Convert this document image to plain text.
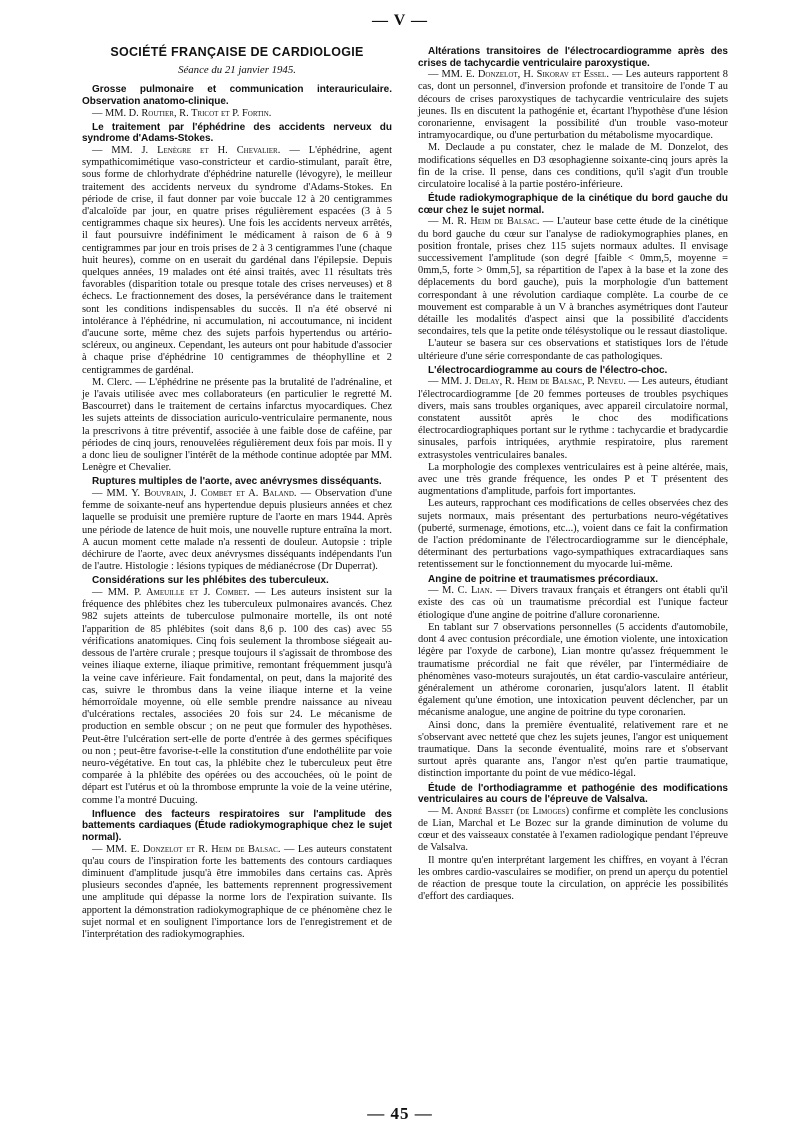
— V —
SOCIÉTÉ FRANÇAISE DE CARDIOLOGIE
Séance du 21 janvier 1945.
Grosse pulmonaire et communication interauriculaire. Observation anatomo-clinique.

— MM. D. Routier, R. Tricot et P. Fortin.

Le traitement par l'éphédrine des accidents nerveux du syndrome d'Adams-Stokes.

— MM. J. Lenègre et H. Chevalier. — L'éphédrine, agent sympathicomimétique vaso-constricteur et cardio-stimulant, paraît être, sous forme de chlorhydrate d'éphédrine naturelle (lévogyre), le meilleur traitement des accidents nerveux du syndrome d'Adams-Stokes. En période de crise, il faut donner par voie buccale 12 à 20 centigrammes d'alcaloïde par jour, en quatre prises régulièrement espacées (3 à 5 centigrammes chaque six heures). Une fois les accidents nerveux arrêtés, il faut poursuivre indéfiniment le médicament à raison de 6 à 9 centigrammes par jour en trois prises de 2 à 3 centigrammes l'une (chaque huit heures), comme on en userait du gardénal dans l'épilepsie. Depuis quelques années, 19 malades ont été ainsi traités, avec 11 résultats très favorables (disparition totale ou presque totale des crises nerveuses) et 8 échecs. Le fractionnement des doses, la persévérance dans le traitement sont les conditions indispensables du succès. Il n'a été observé ni intolérance à l'éphédrine, ni accumulation, ni accoutumance, ni incident d'aucune sorte, même chez des sujets parfois hypertendus ou artério-scléreux, ou angineux. Cependant, les auteurs ont pour habitude d'associer à chaque prise d'éphédrine 10 centigrammes de théophylline et 2 centigrammes de gardénal.

M. Clerc. — L'éphédrine ne présente pas la brutalité de l'adrénaline, et je l'avais utilisée avec mes collaborateurs (en particulier le regretté M. Bascourret) dans le traitement de certains infarctus myocardiques. Chez les sujets atteints de dissociation auriculo-ventriculaire permanente, nous la prescrivons à titre préventif, associée à une faible dose de caféine, par périodes de cinq jours, renouvelées régulièrement deux fois par mois. Il y a donc lieu de souligner l'intérêt de la méthode continue adoptée par MM. Lenègre et Chevalier.

Ruptures multiples de l'aorte, avec anévrysmes disséquants.

— MM. Y. Bouvrain, J. Combet et A. Baland. — Observation d'une femme de soixante-neuf ans hypertendue depuis plusieurs années et chez laquelle se produisit une première rupture de l'aorte en mars 1944. Après une période de latence de huit mois, une nouvelle rupture entraîna la mort. A aucun moment cette malade n'a ressenti de douleur. Autopsie : triple déchirure de l'aorte, avec deux anévrysmes disséquants indépendants l'un de l'autre. Histologie : lésions typiques de médianécrose (Dr Duperrat).

Considérations sur les phlébites des tuberculeux.

— MM. P. Ameuille et J. Combet. — Les auteurs insistent sur la fréquence des phlébites chez les tuberculeux pulmonaires avancés. Chez 982 sujets atteints de tuberculose pulmonaire mortelle, ils ont noté l'apparition de 85 phlébites (soit dans 8,6 p. 100 des cas) avec 55 vérifications anatomiques. Cinq fois seulement la thrombose siégeait au-dessous de l'artère crurale ; presque toujours il s'agissait de thrombose des veines iliaque externe, iliaque primitive, remontant fréquemment jusqu'à la veine cave inférieure. Fait fondamental, on peut, dans la majorité des cas, suivre le thrombus dans la veine iliaque interne et la veine hémorroïdale moyenne, où elle semble prendre naissance au niveau d'ulcérations rectales, associées 20 fois sur 24. Le mécanisme de production en semble obscur ; on ne peut que formuler des hypothèses. Peut-être l'ulcération sert-elle de porte d'entrée à des germes spécifiques ou non ; peut-être favorise-t-elle la constitution d'une endothéliite par voie neuro-végétative. En tout cas, la phlébite chez le tuberculeux peut être comparée à la phlébite des opérées ou des accouchées, où le point de départ est l'utérus et où la thrombose emprunte la voie de la veine utérine, comme l'a montré Ducuing.

Influence des facteurs respiratoires sur l'amplitude des battements cardiaques (Étude radiokymographique chez le sujet normal).

— MM. E. Donzelot et R. Heim de Balsac. — Les auteurs constatent qu'au cours de l'inspiration forte les battements des contours cardiaques diminuent d'amplitude jusqu'à être immobiles dans certains cas. Après plusieurs secondes d'apnée, les battements reprennent progressivement une amplitude qui dépasse la norme lors de l'expiration suivante. Ils apportent la démonstration radiokymographique de ce phénomène chez le sujet normal et en soulignent l'importance lors de l'enregistrement et de l'interprétation des radiokymographies.

Altérations transitoires de l'électrocardiogramme après des crises de tachycardie ventriculaire paroxystique.

— MM. E. Donzelot, H. Sikorav et Essel. — Les auteurs rapportent 8 cas, dont un personnel, d'inversion profonde et transitoire de l'onde T au décours de crises paroxystiques de tachycardie ventriculaire des sujets jeunes. Ils en discutent la pathogénie et, écartant l'hypothèse d'une lésion coronarienne, envisagent la possibilité d'un trouble vaso-moteur intramyocardique, ou d'une perturbation du métabolisme myocardique.

M. Declaude a pu constater, chez le malade de M. Donzelot, des modifications séquelles en D3 œsophagienne soixante-cinq jours après la fin de la crise. Il pense, dans ces conditions, qu'il s'agit d'un trouble circulatoire localisé à la partie postéro-inférieure.

Étude radiokymographique de la cinétique du bord gauche du cœur chez le sujet normal.

— M. R. Heim de Balsac. — L'auteur base cette étude de la cinétique du bord gauche du cœur sur l'analyse de radiokymographies planes, en position frontale, prises chez 115 sujets normaux adultes. Il envisage successivement l'amplitude (son degré [faible < 0mm,5, moyenne = 0mm,5, forte > 0mm,5], sa répartition de l'apex à la base et la zone des déplacements du bord gauche), puis la morphologie d'un battement correspondant à une révolution cardiaque complète. La courbe de ce mouvement est comparable à un V à branches asymétriques dont l'auteur détaille les modalités d'aspect ainsi que la possibilité d'accidents secondaires, tels que la petite onde télésystolique ou le ressaut diastolique.

L'auteur se basera sur ces observations et statistiques lors de l'étude ultérieure d'une série correspondante de cas pathologiques.

L'électrocardiogramme au cours de l'électro-choc.

— MM. J. Delay, R. Heim de Balsac, P. Neveu. — Les auteurs, étudiant l'électrocardiogramme [de 20 femmes porteuses de troubles psychiques divers, mais sans troubles organiques, avec appareil circulatoire normal, constatent aussitôt après le choc des modifications électrocardiographiques portant sur le rythme : tachycardie et bradycardie sinusales, parfois intriquées, arythmie respiratoire, plus rarement extrasystoles ventriculaires banales.

La morphologie des complexes ventriculaires est à peine altérée, mais, avec une très grande fréquence, les ondes P et T présentent des augmentations d'amplitude, parfois fort importantes.

Les auteurs, rapprochant ces modifications de celles observées chez des sujets normaux, mais présentant des perturbations neuro-végétatives (puberté, surmenage, émotions, etc...), voient dans ce fait la confirmation de l'action prédominante de l'électrocardiogramme sur le diencéphale, déterminant des perturbations vago-sympathiques extracardiaques sans retentissement sur le fonctionnement du myocarde lui-même.

Angine de poitrine et traumatismes précordiaux.

— M. C. Lian. — Divers travaux français et étrangers ont établi qu'il existe des cas où un traumatisme précordial est l'unique facteur étiologique d'une angine de poitrine d'allure coronarienne.

En tablant sur 7 observations personnelles (5 accidents d'automobile, dont 4 avec contusion précordiale, une émotion violente, une intoxication légère par l'oxyde de carbone), Lian montre qu'assez fréquemment le traumatisme précordial ne fait que révéler, par l'intermédiaire de phénomènes vaso-moteurs surajoutés, un état cardio-vasculaire antérieur, généralement un athérome coronarien, jusqu'alors latent. Il établit également qu'une émotion, une intoxication peuvent déclencher, par un mécanisme analogue, une angine de poitrine du type coronarien.

Ainsi donc, dans la première éventualité, relativement rare et ne s'observant avec netteté que chez les sujets jeunes, l'angor est uniquement traumatique. Dans la seconde éventualité, moins rare et s'observant surtout après quarante ans, l'angor n'est qu'en partie traumatique, distinction importante du point de vue médico-légal.

Étude de l'orthodiagramme et pathogénie des modifications ventriculaires au cours de l'épreuve de Valsalva.

— M. André Basset (de Limoges) confirme et complète les conclusions de Lian, Marchal et Le Bozec sur la grande diminution de volume du cœur et des vaisseaux constatée à l'examen radiologique pendant l'épreuve de Valsalva.

Il montre qu'en interprétant largement les chiffres, en voyant à l'écran les ombres cardio-vasculaires se modifier, on prend un aperçu du potentiel de réaction de presque toute la circulation, on apprécie les possibilités d'effort des cardiaques.

— 45 —
